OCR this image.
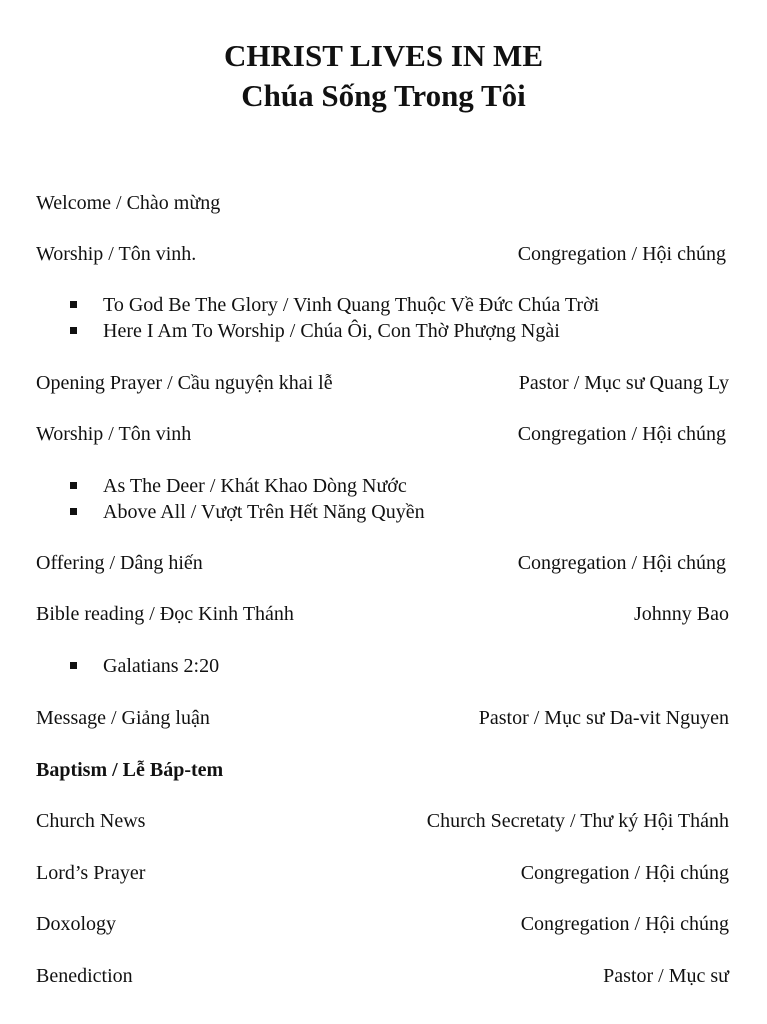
CHRIST LIVES IN ME
Chúa Sống Trong Tôi
Welcome / Chào mừng
Worship / Tôn vinh.	Congregation / Hội chúng
To God Be The Glory / Vinh Quang Thuộc Về Đức Chúa Trời
Here I Am To Worship / Chúa Ôi, Con Thờ Phượng Ngài
Opening Prayer / Cầu nguyện khai lễ	Pastor / Mục sư Quang Ly
Worship / Tôn vinh	Congregation / Hội chúng
As The Deer / Khát Khao Dòng Nước
Above All / Vượt Trên Hết Năng Quyền
Offering / Dâng hiến	Congregation / Hội chúng
Bible reading / Đọc Kinh Thánh	Johnny Bao
Galatians 2:20
Message / Giảng luận	Pastor / Mục sư Da-vit Nguyen
Baptism / Lễ Báp-tem
Church News	Church Secretaty / Thư ký Hội Thánh
Lord’s Prayer	Congregation / Hội chúng
Doxology	Congregation / Hội chúng
Benediction	Pastor / Mục sư
